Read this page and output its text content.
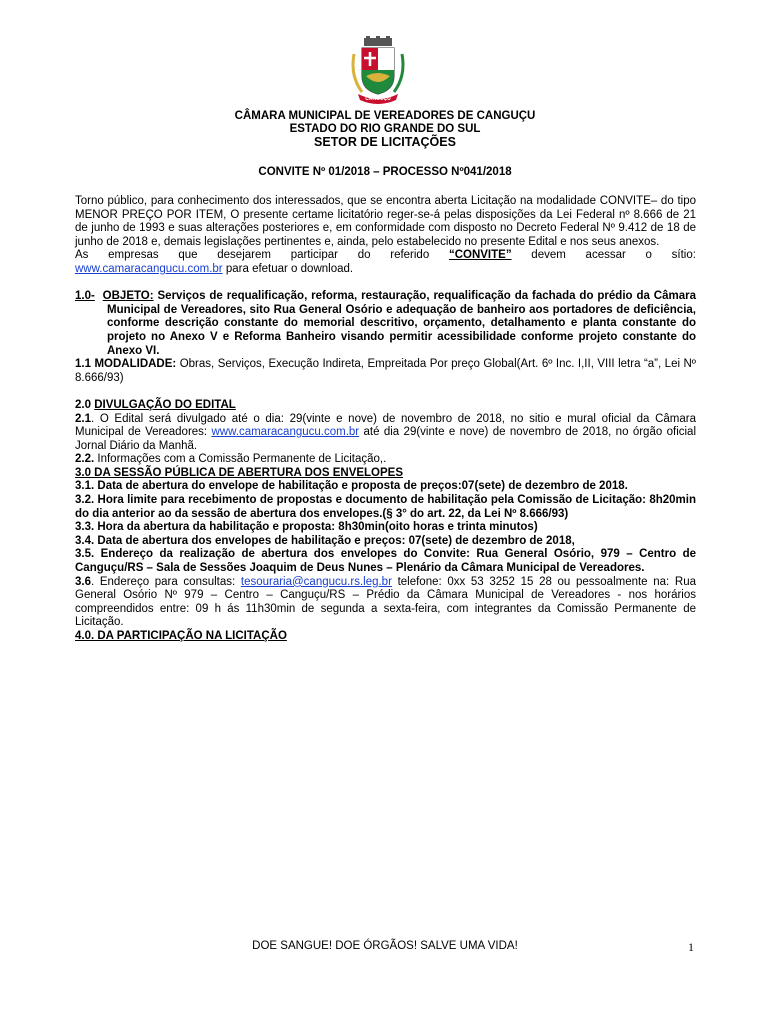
CANGUÇU
CÂMARA MUNICIPAL DE VEREADORES DE CANGUÇU
ESTADO DO RIO GRANDE DO SUL
SETOR DE LICITAÇÕES
CONVITE Nº 01/2018 – PROCESSO Nº041/2018

Torno público, para conhecimento dos interessados, que se encontra aberta Licitação na modalidade CONVITE– do tipo MENOR PREÇO POR ITEM, O presente certame licitatório reger-se-á pelas disposições da Lei Federal nº 8.666 de 21 de junho de 1993 e suas alterações posteriores e, em conformidade com disposto no Decreto Federal Nº 9.412 de 18 de junho de 2018 e, demais legislações pertinentes e, ainda, pelo estabelecido no presente Edital e nos seus anexos.

As empresas que desejarem participar do referido “CONVITE” devem acessar o sítio:

www.camaracangucu.com.br para efetuar o download.

1.0- OBJETO: Serviços de requalificação, reforma, restauração, requalificação da fachada do prédio da Câmara Municipal de Vereadores, sito Rua General Osório e adequação de banheiro aos portadores de deficiência, conforme descrição constante do memorial descritivo, orçamento, detalhamento e planta constante do projeto no Anexo V e Reforma Banheiro visando permitir acessibilidade conforme projeto constante do Anexo VI.

1.1 MODALIDADE: Obras, Serviços, Execução Indireta, Empreitada Por preço Global(Art. 6º Inc. I,II, VIII letra “a”, Lei Nº 8.666/93)

2.0 DIVULGAÇÃO DO EDITAL

2.1. O Edital será divulgado até o dia: 29(vinte e nove) de novembro de 2018, no sitio e mural oficial da Câmara Municipal de Vereadores: www.camaracangucu.com.br até dia 29(vinte e nove) de novembro de 2018, no órgão oficial Jornal Diário da Manhã.

2.2. Informações com a Comissão Permanente de Licitação,.

3.0 DA SESSÃO PÚBLICA DE ABERTURA DOS ENVELOPES

3.1. Data de abertura do envelope de habilitação e proposta de preços:07(sete) de dezembro de 2018.

3.2. Hora limite para recebimento de propostas e documento de habilitação pela Comissão de Licitação: 8h20min do dia anterior ao da sessão de abertura dos envelopes.(§ 3° do art. 22, da Lei Nº 8.666/93)

3.3. Hora da abertura da habilitação e proposta: 8h30min(oito horas e trinta minutos)

3.4. Data de abertura dos envelopes de habilitação e preços: 07(sete) de dezembro de 2018,

3.5. Endereço da realização de abertura dos envelopes do Convite: Rua General Osório, 979 – Centro de Canguçu/RS – Sala de Sessões Joaquim de Deus Nunes – Plenário da Câmara Municipal de Vereadores.

3.6. Endereço para consultas: tesouraria@cangucu.rs.leg.br telefone: 0xx 53 3252 15 28 ou pessoalmente na: Rua General Osório Nº 979 – Centro – Canguçu/RS – Prédio da Câmara Municipal de Vereadores - nos horários compreendidos entre: 09 h ás 11h30min de segunda a sexta-feira, com integrantes da Comissão Permanente de Licitação.

4.0. DA PARTICIPAÇÃO NA LICITAÇÃO

DOE SANGUE! DOE ÓRGÃOS! SALVE UMA VIDA!	1
